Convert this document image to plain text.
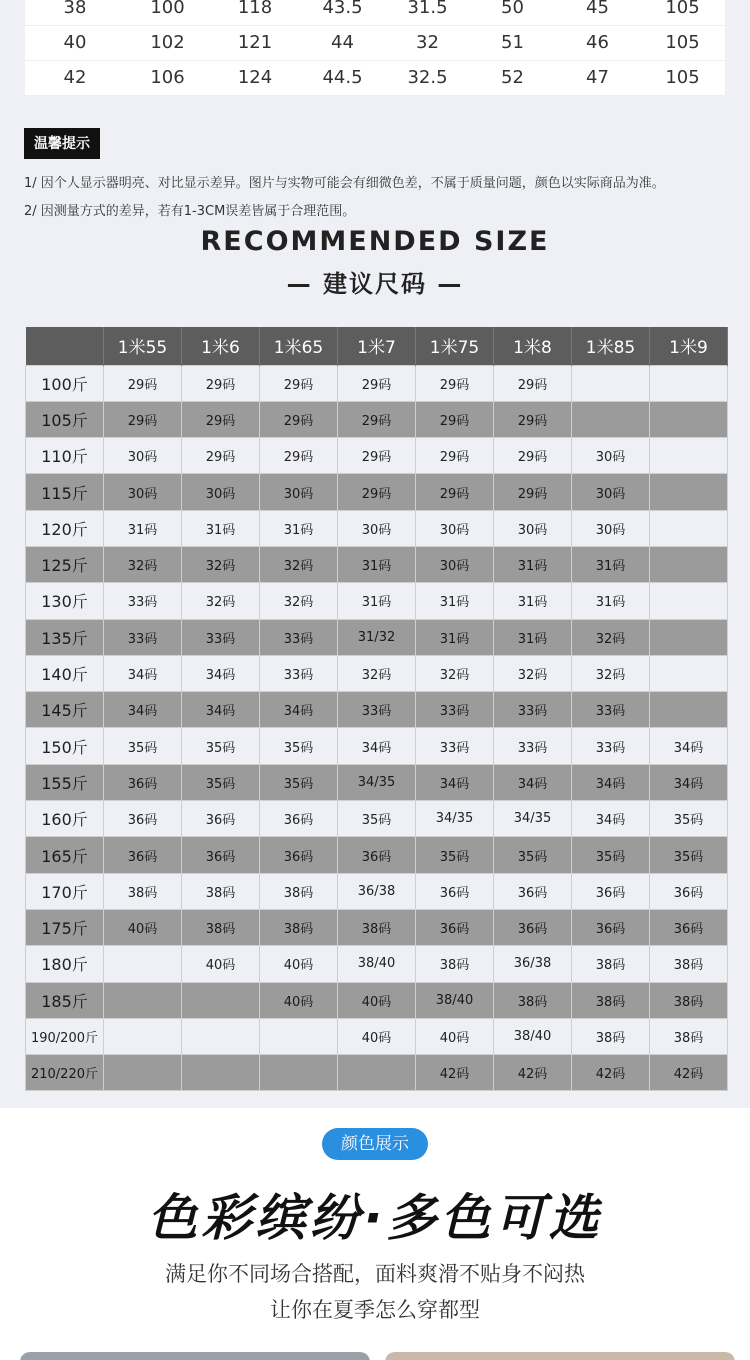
38	100	118	43.5	31.5	50	45	105
40	102	121	44	32	51	46	105
42	106	124	44.5	32.5	52	47	105
温馨提示
1/ 因个人显示器明亮、对比显示差异。图片与实物可能会有细微色差，不属于质量问题，颜色以实际商品为准。
2/ 因测量方式的差异，若有1-3CM误差皆属于合理范围。
RECOMMENDED SIZE
— 建议尺码 —
	1米55	1米6	1米65	1米7	1米75	1米8	1米85	1米9
100斤	29码	29码	29码	29码	29码	29码		
105斤	29码	29码	29码	29码	29码	29码		
110斤	30码	29码	29码	29码	29码	29码	30码	
115斤	30码	30码	30码	29码	29码	29码	30码	
120斤	31码	31码	31码	30码	30码	30码	30码	
125斤	32码	32码	32码	31码	30码	31码	31码	
130斤	33码	32码	32码	31码	31码	31码	31码	
135斤	33码	33码	33码	31/32	31码	31码	32码	
140斤	34码	34码	33码	32码	32码	32码	32码	
145斤	34码	34码	34码	33码	33码	33码	33码	
150斤	35码	35码	35码	34码	33码	33码	33码	34码
155斤	36码	35码	35码	34/35	34码	34码	34码	34码
160斤	36码	36码	36码	35码	34/35	34/35	34码	35码
165斤	36码	36码	36码	36码	35码	35码	35码	35码
170斤	38码	38码	38码	36/38	36码	36码	36码	36码
175斤	40码	38码	38码	38码	36码	36码	36码	36码
180斤		40码	40码	38/40	38码	36/38	38码	38码
185斤			40码	40码	38/40	38码	38码	38码
190/200斤				40码	40码	38/40	38码	38码
210/220斤					42码	42码	42码	42码
颜色展示
色彩缤纷·多色可选
满足你不同场合搭配，面料爽滑不贴身不闷热
让你在夏季怎么穿都型
